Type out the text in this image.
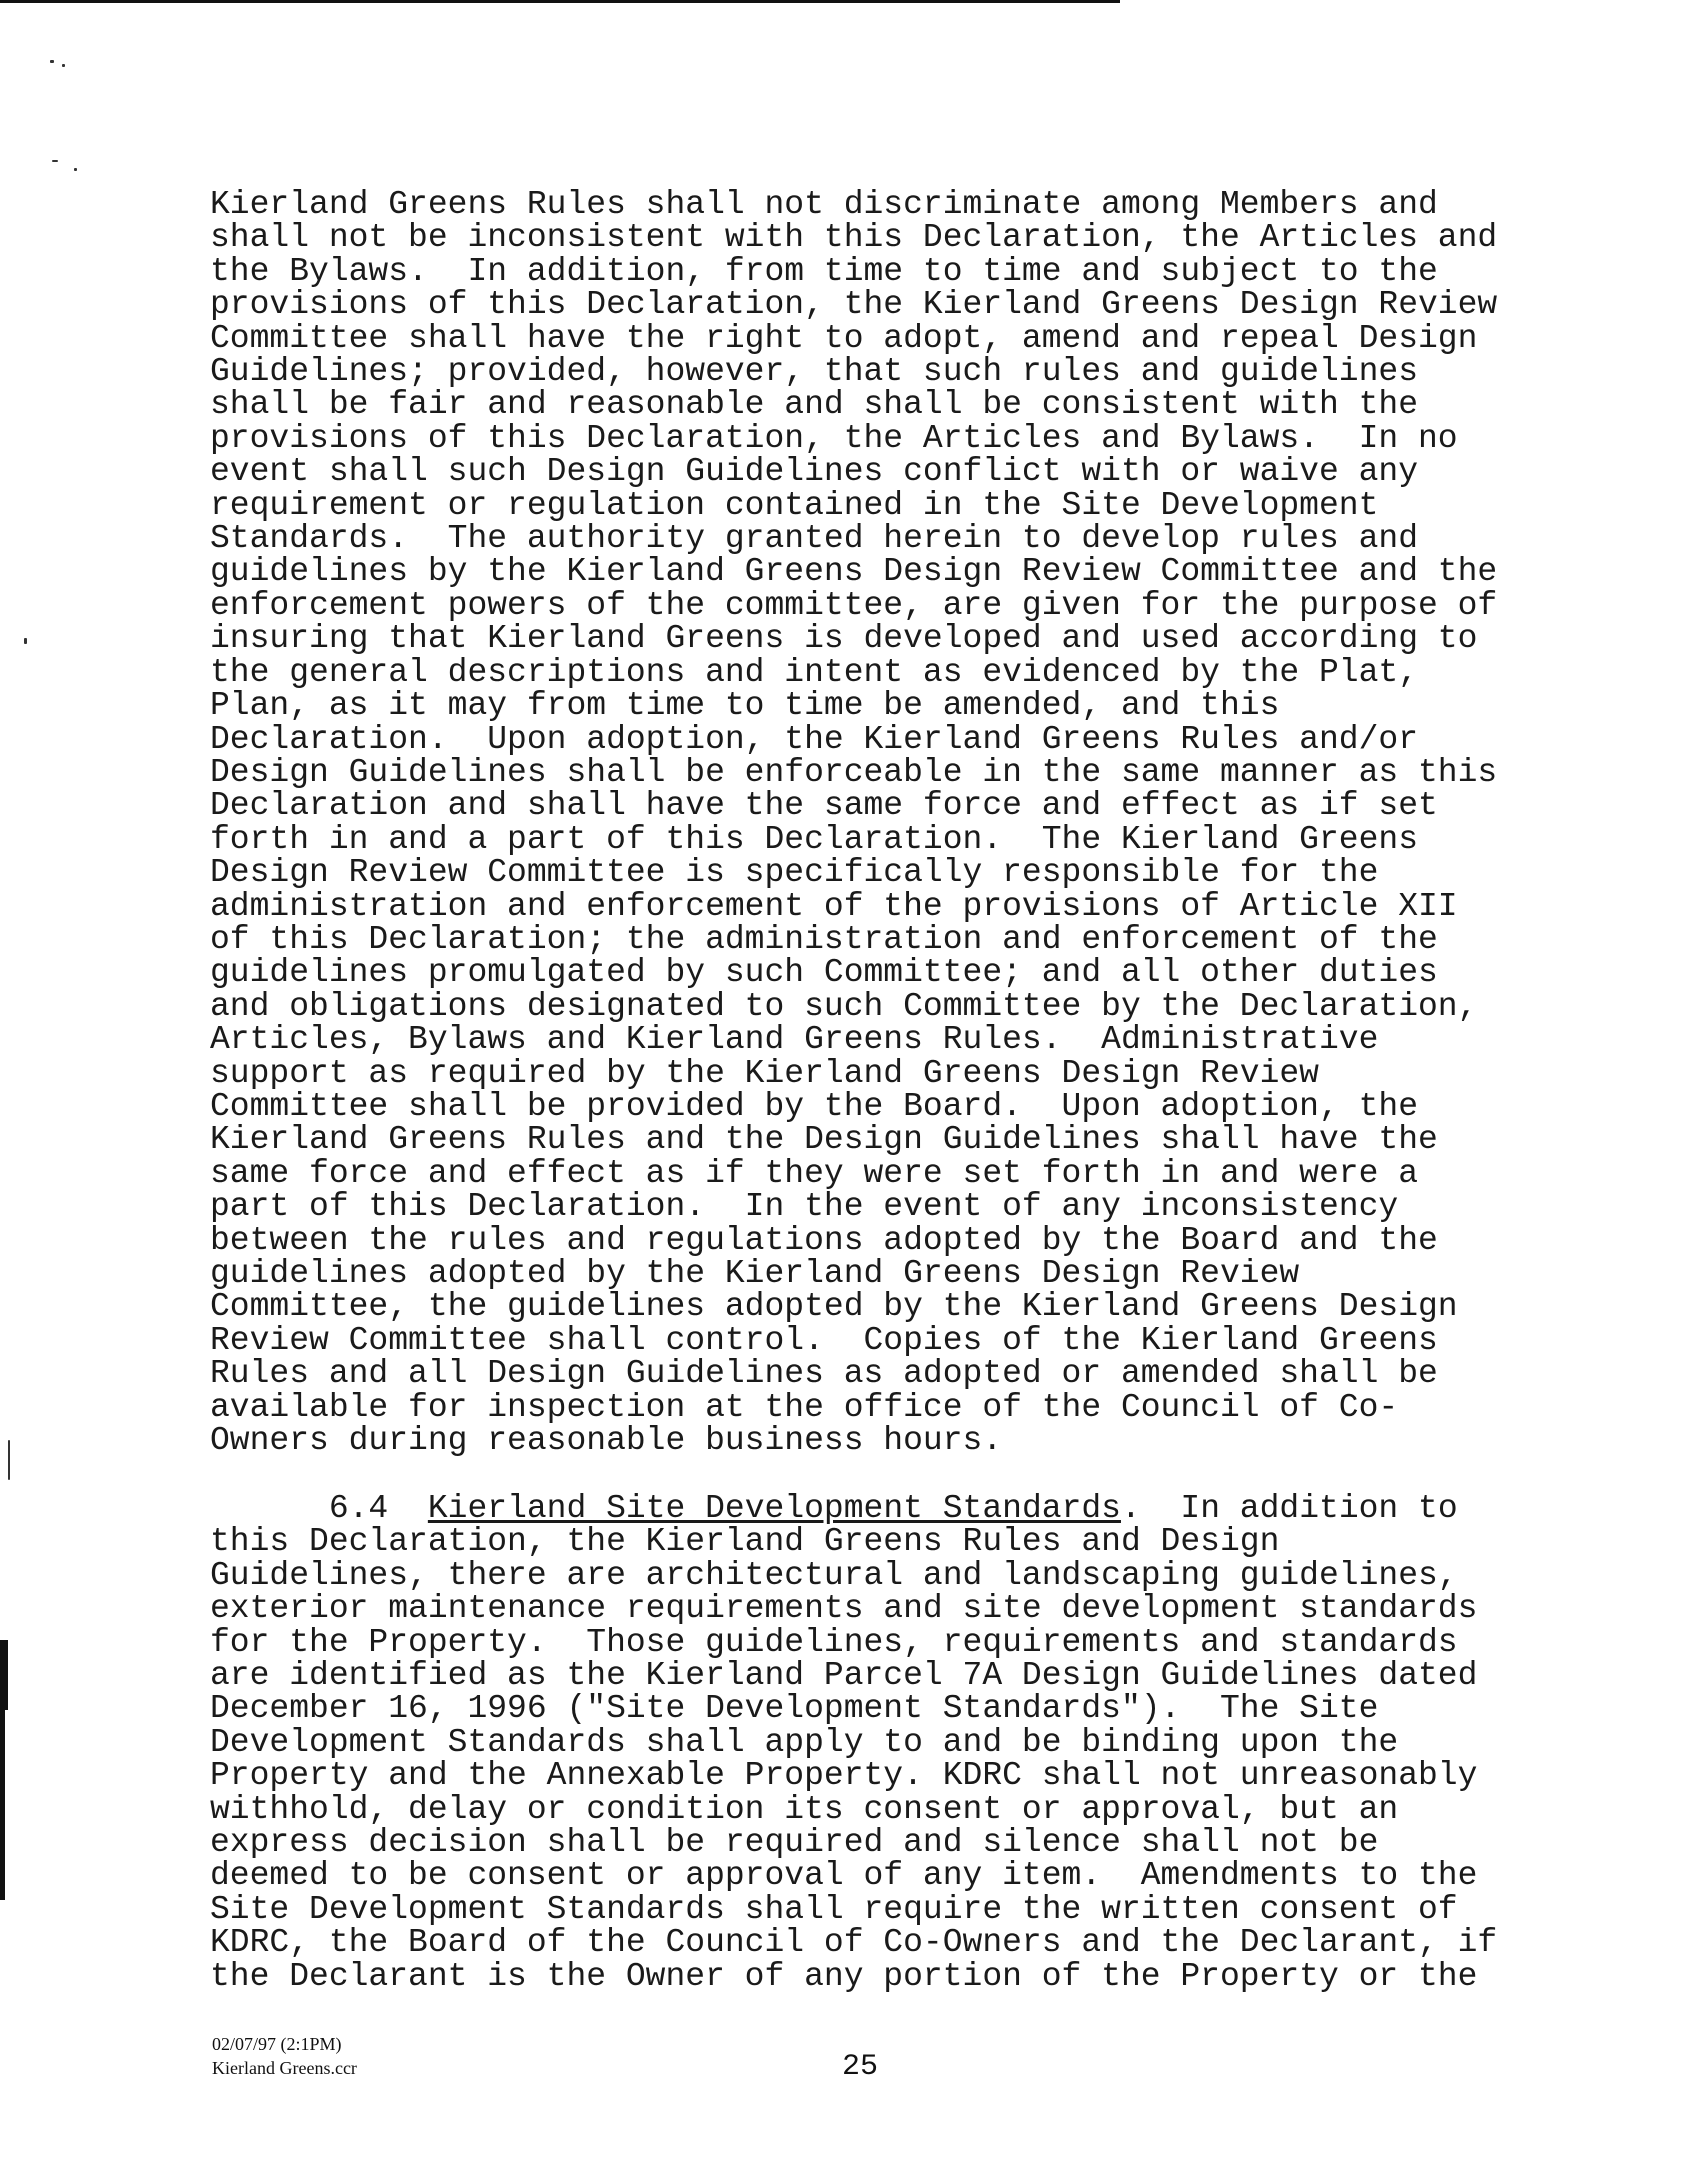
Kierland Greens Rules shall not discriminate among Members and
shall not be inconsistent with this Declaration, the Articles and
the Bylaws.  In addition, from time to time and subject to the
provisions of this Declaration, the Kierland Greens Design Review
Committee shall have the right to adopt, amend and repeal Design
Guidelines; provided, however, that such rules and guidelines
shall be fair and reasonable and shall be consistent with the
provisions of this Declaration, the Articles and Bylaws.  In no
event shall such Design Guidelines conflict with or waive any
requirement or regulation contained in the Site Development
Standards.  The authority granted herein to develop rules and
guidelines by the Kierland Greens Design Review Committee and the
enforcement powers of the committee, are given for the purpose of
insuring that Kierland Greens is developed and used according to
the general descriptions and intent as evidenced by the Plat,
Plan, as it may from time to time be amended, and this
Declaration.  Upon adoption, the Kierland Greens Rules and/or
Design Guidelines shall be enforceable in the same manner as this
Declaration and shall have the same force and effect as if set
forth in and a part of this Declaration.  The Kierland Greens
Design Review Committee is specifically responsible for the
administration and enforcement of the provisions of Article XII
of this Declaration; the administration and enforcement of the
guidelines promulgated by such Committee; and all other duties
and obligations designated to such Committee by the Declaration,
Articles, Bylaws and Kierland Greens Rules.  Administrative
support as required by the Kierland Greens Design Review
Committee shall be provided by the Board.  Upon adoption, the
Kierland Greens Rules and the Design Guidelines shall have the
same force and effect as if they were set forth in and were a
part of this Declaration.  In the event of any inconsistency
between the rules and regulations adopted by the Board and the
guidelines adopted by the Kierland Greens Design Review
Committee, the guidelines adopted by the Kierland Greens Design
Review Committee shall control.  Copies of the Kierland Greens
Rules and all Design Guidelines as adopted or amended shall be
available for inspection at the office of the Council of Co-
Owners during reasonable business hours.
6.4 Kierland Site Development Standards.  In addition to
this Declaration, the Kierland Greens Rules and Design
Guidelines, there are architectural and landscaping guidelines,
exterior maintenance requirements and site development standards
for the Property.  Those guidelines, requirements and standards
are identified as the Kierland Parcel 7A Design Guidelines dated
December 16, 1996 ("Site Development Standards").  The Site
Development Standards shall apply to and be binding upon the
Property and the Annexable Property. KDRC shall not unreasonably
withhold, delay or condition its consent or approval, but an
express decision shall be required and silence shall not be
deemed to be consent or approval of any item.  Amendments to the
Site Development Standards shall require the written consent of
KDRC, the Board of the Council of Co-Owners and the Declarant, if
the Declarant is the Owner of any portion of the Property or the
02/07/97 (2:1PM)
Kierland Greens.ccr	25
